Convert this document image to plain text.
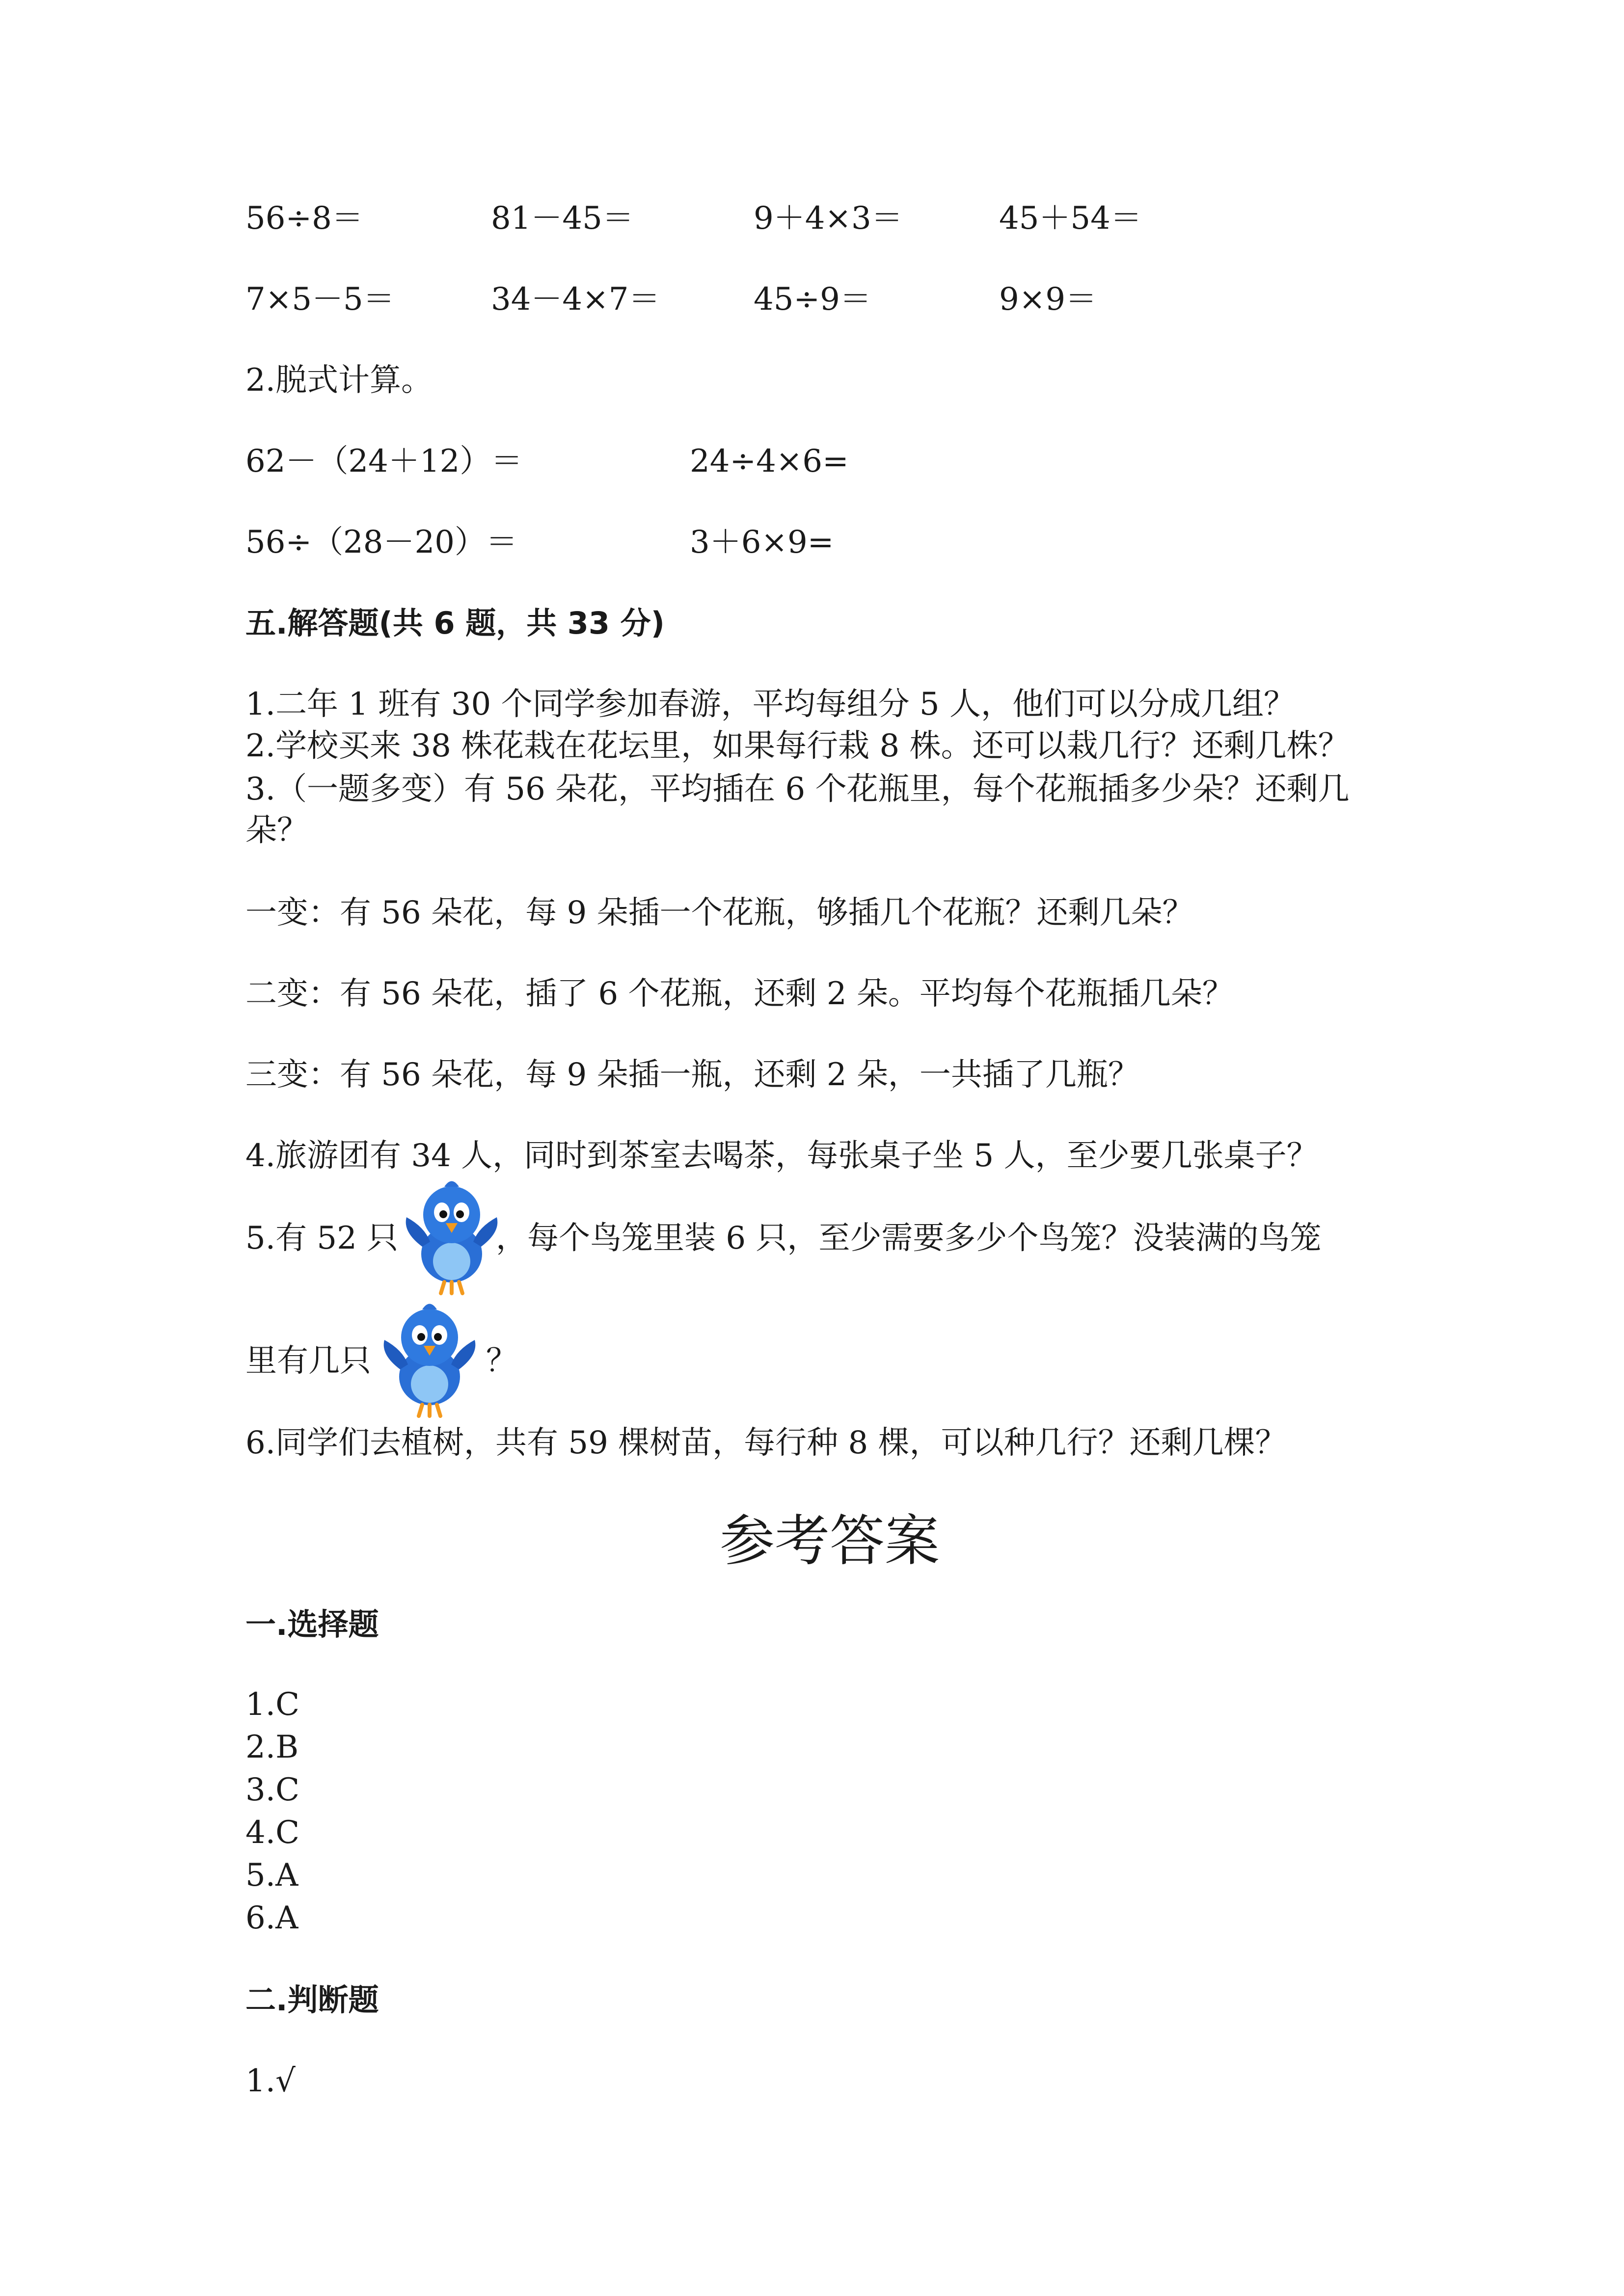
56÷8＝	81－45＝	9＋4×3＝	45＋54＝
7×5－5＝	34－4×7＝	45÷9＝	9×9＝
2.脱式计算。
62－（24＋12）＝	24÷4×6=
56÷（28－20）＝	3＋6×9=
五.解答题(共 6 题，共 33 分)
1.二年 1 班有 30 个同学参加春游，平均每组分 5 人，他们可以分成几组？
2.学校买来 38 株花栽在花坛里，如果每行栽 8 株。还可以栽几行？还剩几株？
3.（一题多变）有 56 朵花，平均插在 6 个花瓶里，每个花瓶插多少朵？还剩几
朵？
一变：有 56 朵花，每 9 朵插一个花瓶，够插几个花瓶？还剩几朵？
二变：有 56 朵花，插了 6 个花瓶，还剩 2 朵。平均每个花瓶插几朵？
三变：有 56 朵花，每 9 朵插一瓶，还剩 2 朵，一共插了几瓶？
4.旅游团有 34 人，同时到茶室去喝茶，每张桌子坐 5 人，至少要几张桌子？
5.有 52 只	，每个鸟笼里装 6 只，至少需要多少个鸟笼？没装满的鸟笼
里有几只	？
6.同学们去植树，共有 59 棵树苗，每行种 8 棵，可以种几行？还剩几棵？
参考答案
一.选择题
1.C
2.B
3.C
4.C
5.A
6.A
二.判断题
1.√
